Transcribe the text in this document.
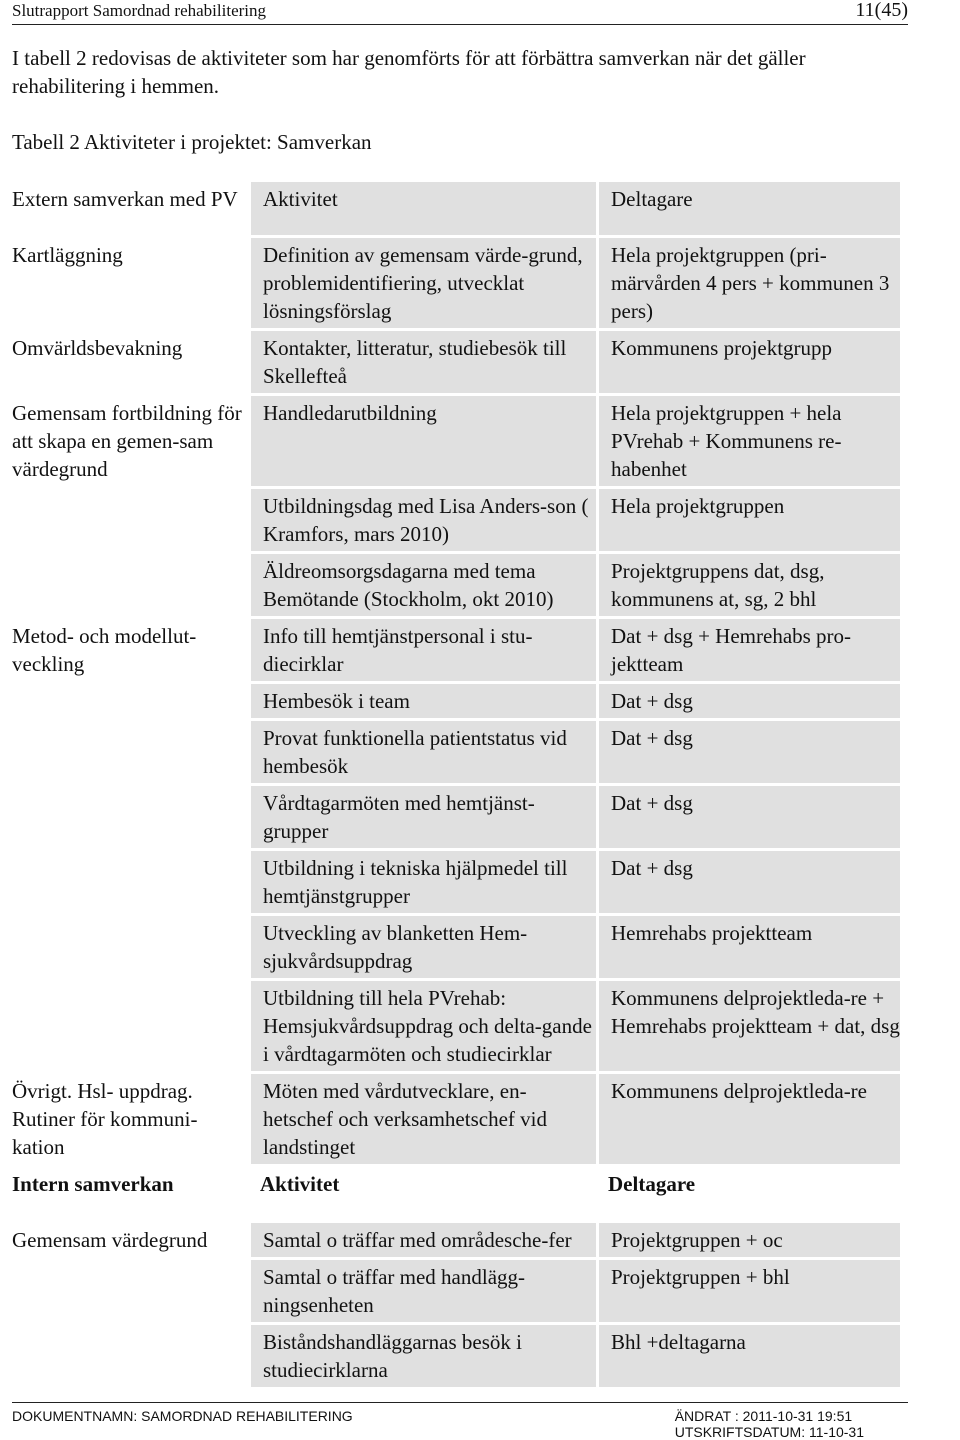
Slutrapport Samordnad rehabilitering	11(45)
I tabell 2 redovisas de aktiviteter som har genomförts för att förbättra samverkan när det gäller rehabilitering i hemmen.
Tabell 2 Aktiviteter i projektet: Samverkan
Extern samverkan med PV	Aktivitet	Deltagare
Kartläggning	Definition av gemensam värde-grund, problemidentifiering, utvecklat lösningsförslag	Hela projektgruppen (pri-märvården 4 pers + kommunen 3 pers)
Omvärldsbevakning	Kontakter, litteratur, studiebesök till Skellefteå	Kommunens projektgrupp
Gemensam fortbildning för att skapa en gemen-sam värdegrund	Handledarutbildning	Hela projektgruppen + hela PVrehab + Kommunens re-habenhet
	Utbildningsdag med Lisa Anders-son ( Kramfors, mars 2010)	Hela projektgruppen
	Äldreomsorgsdagarna med tema Bemötande (Stockholm, okt 2010)	Projektgruppens dat, dsg, kommunens at, sg, 2 bhl
Metod- och modellut-veckling	Info till hemtjänstpersonal i stu-diecirklar	Dat + dsg + Hemrehabs pro-jektteam
	Hembesök i team	Dat + dsg
	Provat funktionella patientstatus vid hembesök	Dat + dsg
	Vårdtagarmöten med hemtjänst-grupper	Dat + dsg
	Utbildning i tekniska hjälpmedel till hemtjänstgrupper	Dat + dsg
	Utveckling av blanketten Hem-sjukvårdsuppdrag	Hemrehabs projektteam
	Utbildning till hela PVrehab: Hemsjukvårdsuppdrag och delta-gande i vårdtagarmöten och studiecirklar	Kommunens delprojektleda-re + Hemrehabs projektteam + dat, dsg
Övrigt. Hsl- uppdrag. Rutiner för kommuni-kation	Möten med vårdutvecklare, en-hetschef och verksamhetschef vid landstinget	Kommunens delprojektleda-re
Intern samverkan	Aktivitet	Deltagare
Gemensam värdegrund	Samtal o träffar med områdesche-fer	Projektgruppen + oc
	Samtal o träffar med handlägg-ningsenheten	Projektgruppen + bhl
	Biståndshandläggarnas besök i studiecirklarna	Bhl +deltagarna
DOKUMENTNAMN: SAMORDNAD REHABILITERING	ÄNDRAT : 2011-10-31 19:51
UTSKRIFTSDATUM: 11-10-31
